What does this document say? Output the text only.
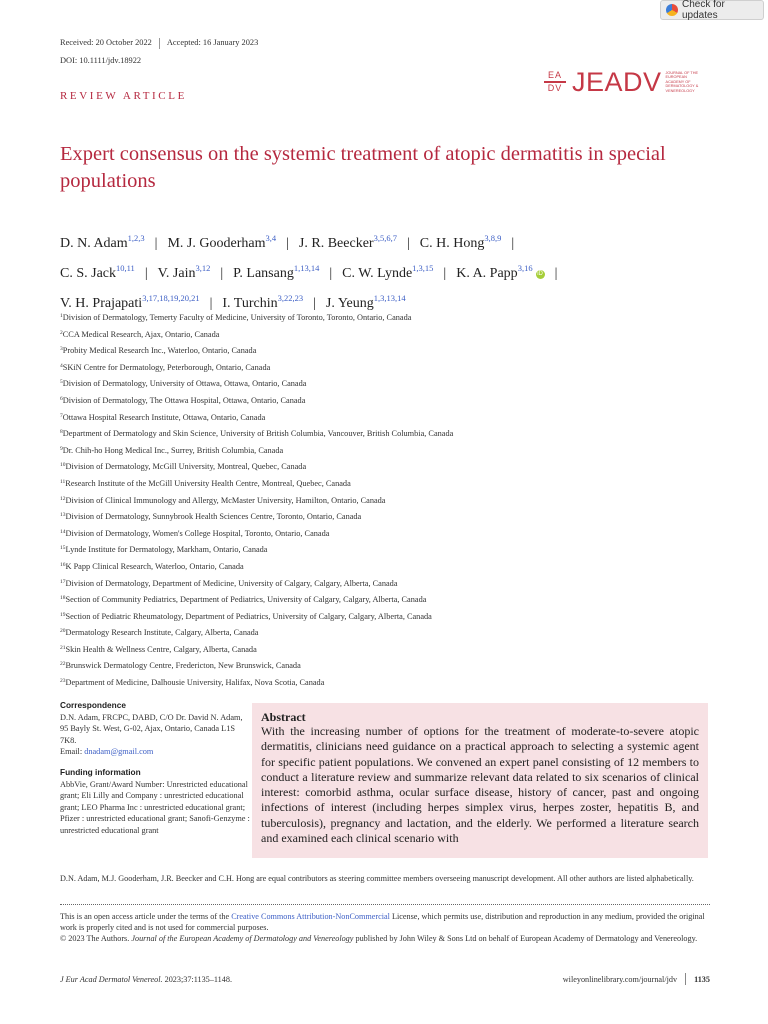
Check for updates
Received: 20 October 2022 Accepted: 16 January 2023
DOI: 10.1111/jdv.18922
REVIEW ARTICLE
EA
DV JEADV JOURNAL OF THE EUROPEAN ACADEMY OF DERMATOLOGY & VENEREOLOGY
Expert consensus on the systemic treatment of atopic dermatitis in special populations
D. N. Adam$^{1,2,3}$ | M. J. Gooderham$^{3,4}$ | J. R. Beecker$^{3,5,6,7}$ | C. H. Hong$^{3,8,9}$ |
C. S. Jack$^{10,11}$ | V. Jain$^{3,12}$ | P. Lansang$^{1,13,14}$ | C. W. Lynde$^{1,3,15}$ | K. A. Papp$^{3,16}$iD |
V. H. Prajapati$^{3,17,18,19,20,21}$ | I. Turchin$^{3,22,23}$ | J. Yeung$^{1,3,13,14}$
$^1$Division of Dermatology, Temerty Faculty of Medicine, University of Toronto, Toronto, Ontario, Canada
$^2$CCA Medical Research, Ajax, Ontario, Canada
$^3$Probity Medical Research Inc., Waterloo, Ontario, Canada
$^4$SKiN Centre for Dermatology, Peterborough, Ontario, Canada
$^5$Division of Dermatology, University of Ottawa, Ottawa, Ontario, Canada
$^6$Division of Dermatology, The Ottawa Hospital, Ottawa, Ontario, Canada
$^7$Ottawa Hospital Research Institute, Ottawa, Ontario, Canada
$^8$Department of Dermatology and Skin Science, University of British Columbia, Vancouver, British Columbia, Canada
$^9$Dr. Chih-ho Hong Medical Inc., Surrey, British Columbia, Canada
$^{10}$Division of Dermatology, McGill University, Montreal, Quebec, Canada
$^{11}$Research Institute of the McGill University Health Centre, Montreal, Quebec, Canada
$^{12}$Division of Clinical Immunology and Allergy, McMaster University, Hamilton, Ontario, Canada
$^{13}$Division of Dermatology, Sunnybrook Health Sciences Centre, Toronto, Ontario, Canada
$^{14}$Division of Dermatology, Women's College Hospital, Toronto, Ontario, Canada
$^{15}$Lynde Institute for Dermatology, Markham, Ontario, Canada
$^{16}$K Papp Clinical Research, Waterloo, Ontario, Canada
$^{17}$Division of Dermatology, Department of Medicine, University of Calgary, Calgary, Alberta, Canada
$^{18}$Section of Community Pediatrics, Department of Pediatrics, University of Calgary, Calgary, Alberta, Canada
$^{19}$Section of Pediatric Rheumatology, Department of Pediatrics, University of Calgary, Calgary, Alberta, Canada
$^{20}$Dermatology Research Institute, Calgary, Alberta, Canada
$^{21}$Skin Health & Wellness Centre, Calgary, Alberta, Canada
$^{22}$Brunswick Dermatology Centre, Fredericton, New Brunswick, Canada
$^{23}$Department of Medicine, Dalhousie University, Halifax, Nova Scotia, Canada
Correspondence
D.N. Adam, FRCPC, DABD, C/O Dr. David N. Adam, 95 Bayly St. West, G-02, Ajax, Ontario, Canada L1S 7K8.
Email: dnadam@gmail.com
Funding information
AbbVie, Grant/Award Number: Unrestricted educational grant; Eli Lilly and Company : unrestricted educational grant; LEO Pharma Inc : unrestricted educational grant; Pfizer : unrestricted educational grant; Sanofi-Genzyme : unrestricted educational grant
Abstract
With the increasing number of options for the treatment of moderate-to-severe atopic dermatitis, clinicians need guidance on a practical approach to selecting a systemic agent for specific patient populations. We convened an expert panel consisting of 12 members to conduct a literature review and summarize relevant data related to six scenarios of clinical interest: comorbid asthma, ocular surface disease, history of cancer, past and ongoing infections of interest (including herpes simplex virus, herpes zoster, hepatitis B, and tuberculosis), pregnancy and lactation, and the elderly. We performed a literature search and examined each clinical scenario with
D.N. Adam, M.J. Gooderham, J.R. Beecker and C.H. Hong are equal contributors as steering committee members overseeing manuscript development. All other authors are listed alphabetically.
This is an open access article under the terms of the Creative Commons Attribution-NonCommercial License, which permits use, distribution and reproduction in any medium, provided the original work is properly cited and is not used for commercial purposes.
© 2023 The Authors. Journal of the European Academy of Dermatology and Venereology published by John Wiley & Sons Ltd on behalf of European Academy of Dermatology and Venereology.
J Eur Acad Dermatol Venereol. 2023;37:1135–1148.	wileyonlinelibrary.com/journal/jdv 1135
